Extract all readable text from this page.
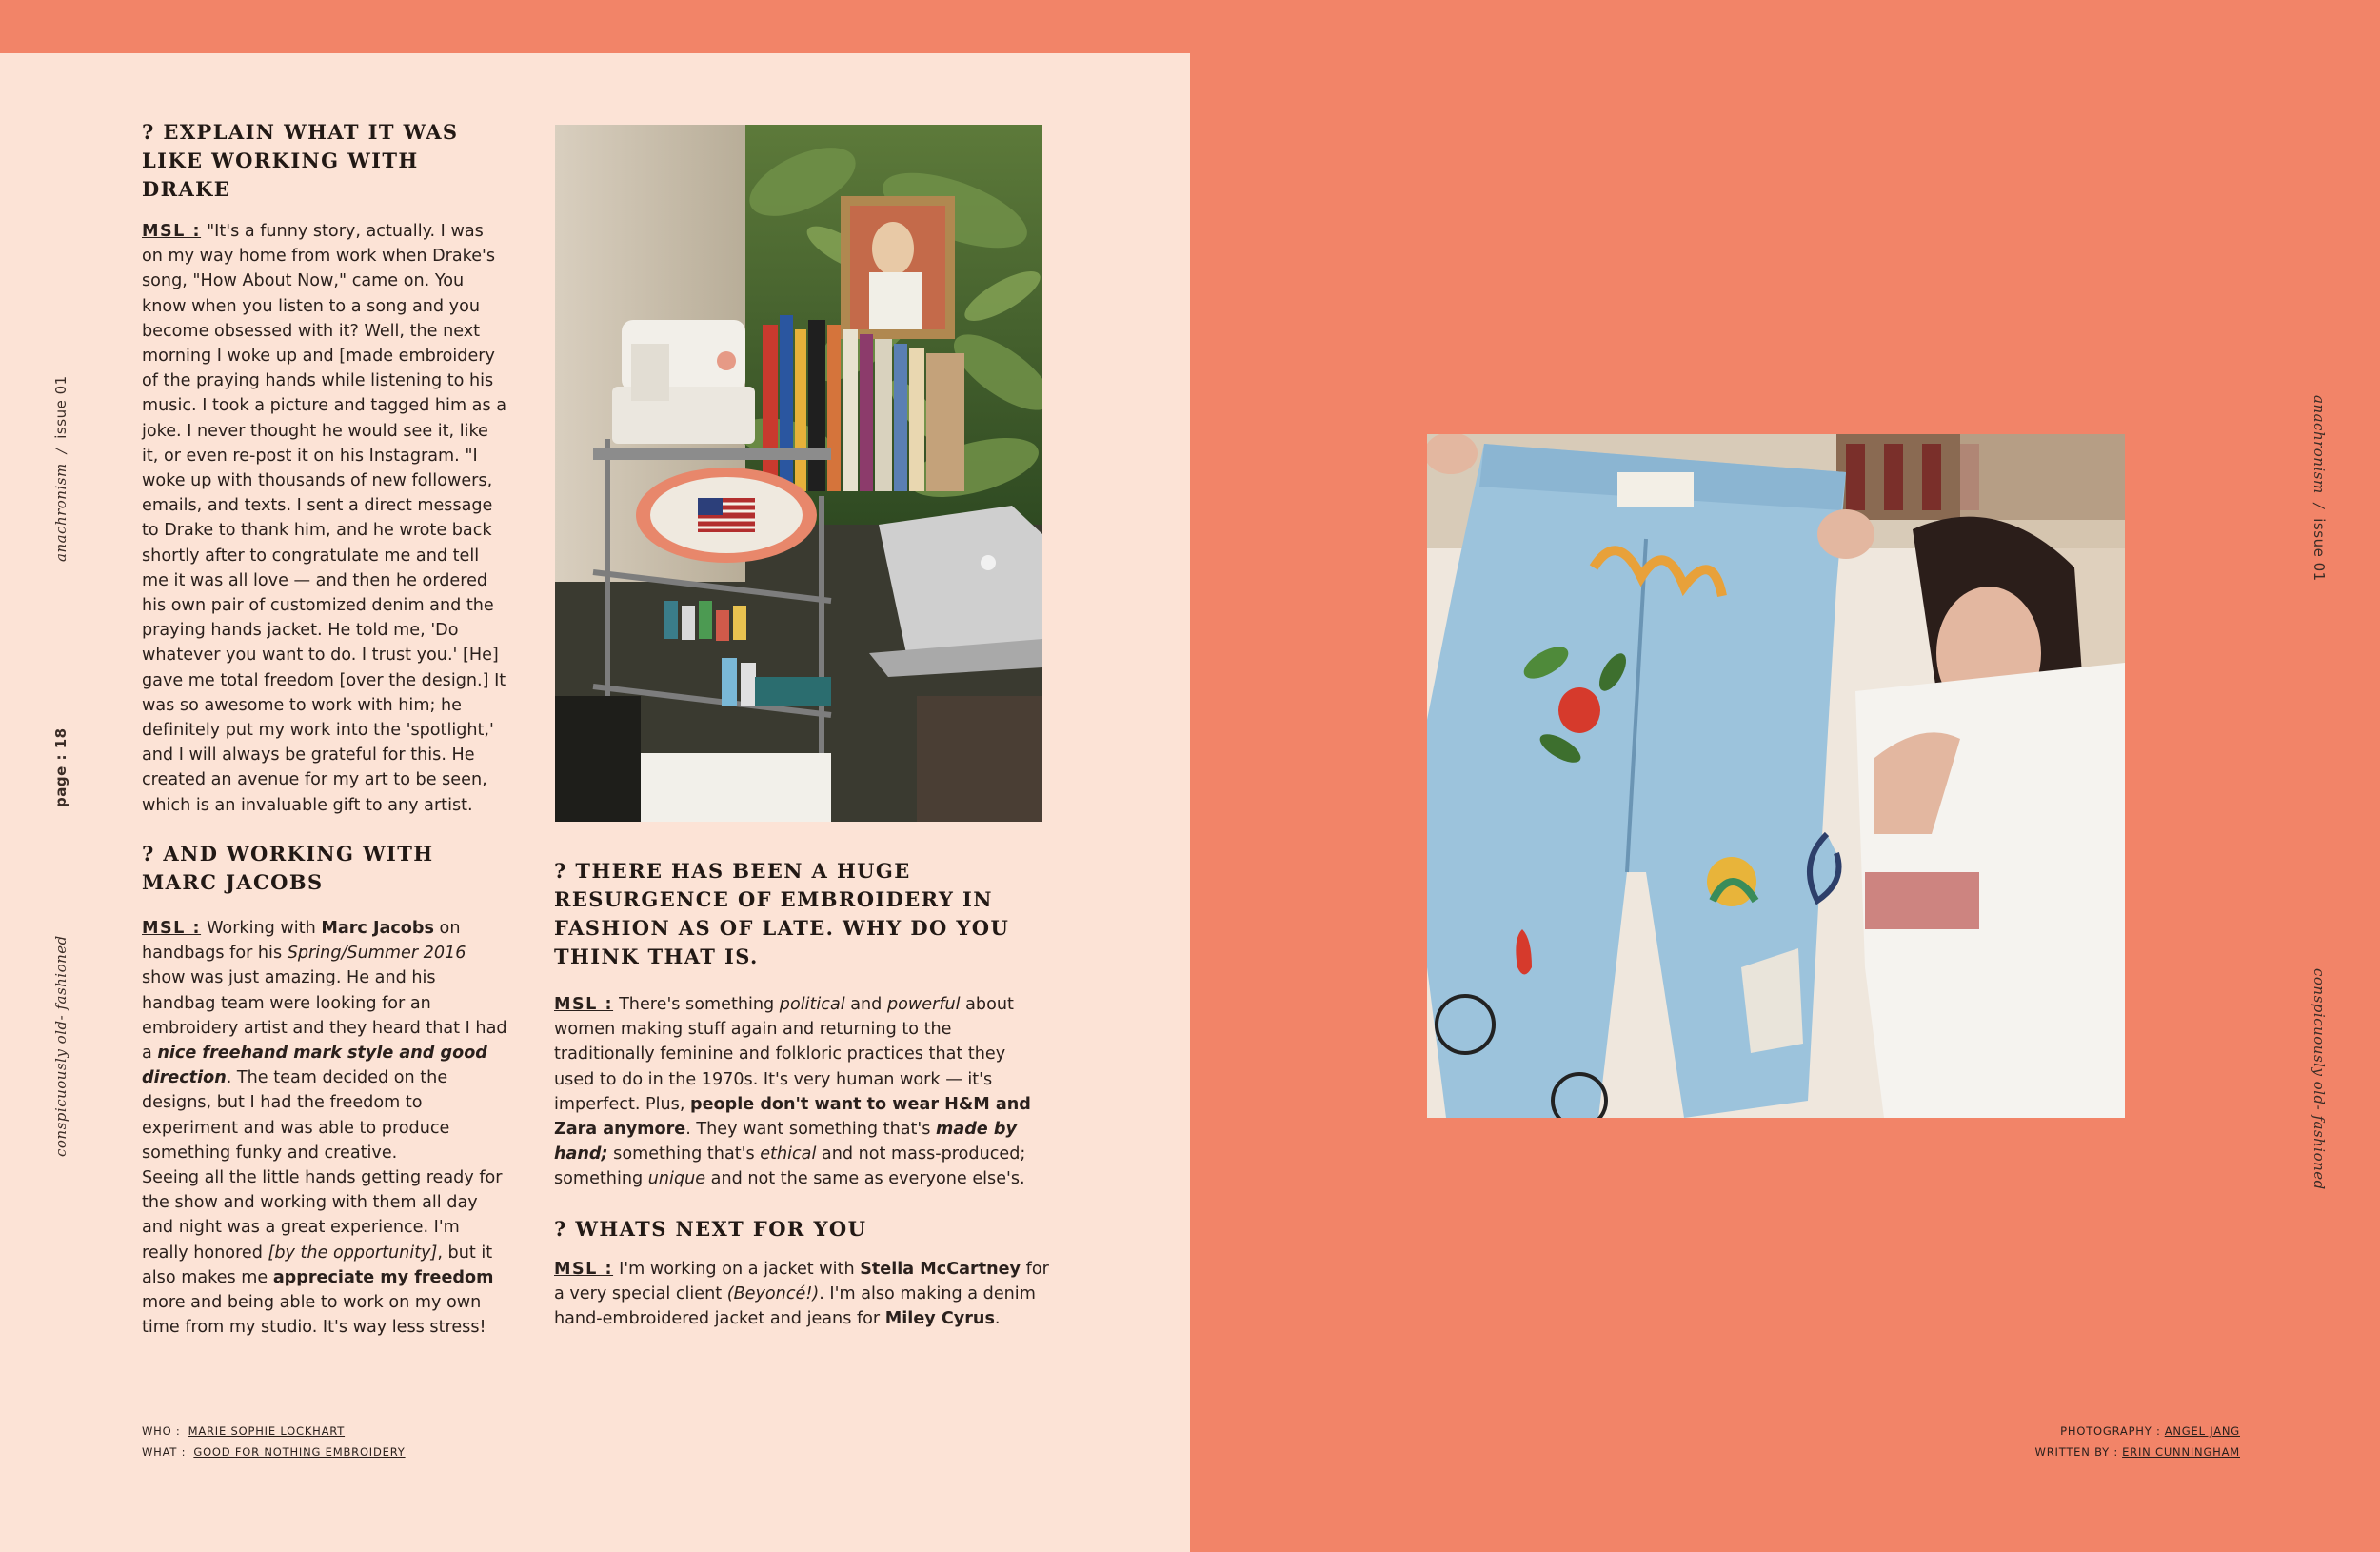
anachronism/issue 01
page : 18
conspicuously old- fashioned
? EXPLAIN WHAT IT WAS LIKE WORKING WITH DRAKE

MSL : "It's a funny story, actually. I was on my way home from work when Drake's song, "How About Now," came on. You know when you listen to a song and you become obsessed with it? Well, the next morning I woke up and [made embroidery of the praying hands while listening to his music. I took a picture and tagged him as a joke. I never thought he would see it, like it, or even re-post it on his Instagram. "I woke up with thousands of new followers, emails, and texts. I sent a direct message to Drake to thank him, and he wrote back shortly after to congratulate me and tell me it was all love — and then he ordered his own pair of customized denim and the praying hands jacket. He told me, 'Do whatever you want to do. I trust you.' [He] gave me total freedom [over the design.] It was so awesome to work with him; he definitely put my work into the 'spotlight,' and I will always be grateful for this. He created an avenue for my art to be seen, which is an invaluable gift to any artist.

? AND WORKING WITH MARC JACOBS

MSL : Working with Marc Jacobs on handbags for his Spring/Summer 2016 show was just amazing. He and his handbag team were looking for an embroidery artist and they heard that I had a nice freehand mark style and good direction. The team decided on the designs, but I had the freedom to experiment and was able to produce something funky and creative.

Seeing all the little hands getting ready for the show and working with them all day and night was a great experience. I'm really honored [by the opportunity], but it also makes me appreciate my freedom more and being able to work on my own time from my studio. It's way less stress!

? THERE HAS BEEN A HUGE RESURGENCE OF EMBROIDERY IN FASHION AS OF LATE. WHY DO YOU THINK THAT IS.

MSL : There's something political and powerful about women making stuff again and returning to the traditionally feminine and folkloric practices that they used to do in the 1970s. It's very human work — it's imperfect. Plus, people don't want to wear H&M and Zara anymore. They want something that's made by hand; something that's ethical and not mass-produced; something unique and not the same as everyone else's.

? WHATS NEXT FOR YOU

MSL : I'm working on a jacket with Stella McCartney for a very special client (Beyoncé!). I'm also making a denim hand-embroidered jacket and jeans for Miley Cyrus.

WHO : MARIE SOPHIE LOCKHART
WHAT : GOOD FOR NOTHING EMBROIDERY
anachronism/issue 01
conspicuously old- fashioned
PHOTOGRAPHY : ANGEL JANG
WRITTEN BY : ERIN CUNNINGHAM
